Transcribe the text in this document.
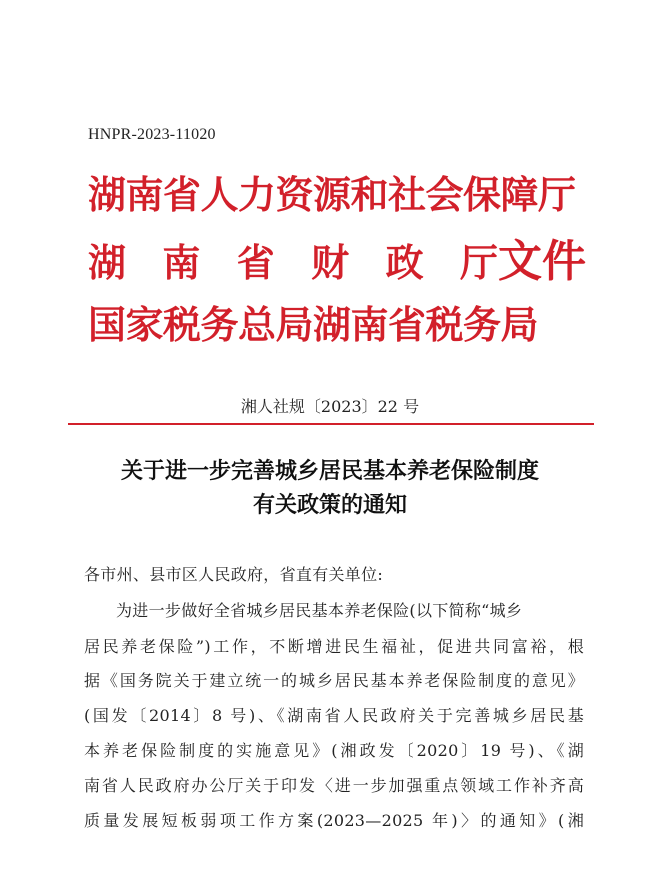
HNPR-2023-11020
湖南省人力资源和社会保障厅
湖 南 省 财 政 厅 文件
国家税务总局湖南省税务局
湘人社规〔2023〕22 号
关于进一步完善城乡居民基本养老保险制度
有关政策的通知
各市州、县市区人民政府，省直有关单位:
为进一步做好全省城乡居民基本养老保险(以下简称“城乡
居民养老保险”)工作，不断增进民生福祉，促进共同富裕，根
据《国务院关于建立统一的城乡居民基本养老保险制度的意见》
(国发〔2014〕8 号)、《湖南省人民政府关于完善城乡居民基
本养老保险制度的实施意见》(湘政发〔2020〕19 号)、《湖
南省人民政府办公厅关于印发〈进一步加强重点领域工作补齐高
质量发展短板弱项工作方案(2023—2025 年)〉的通知》(湘
